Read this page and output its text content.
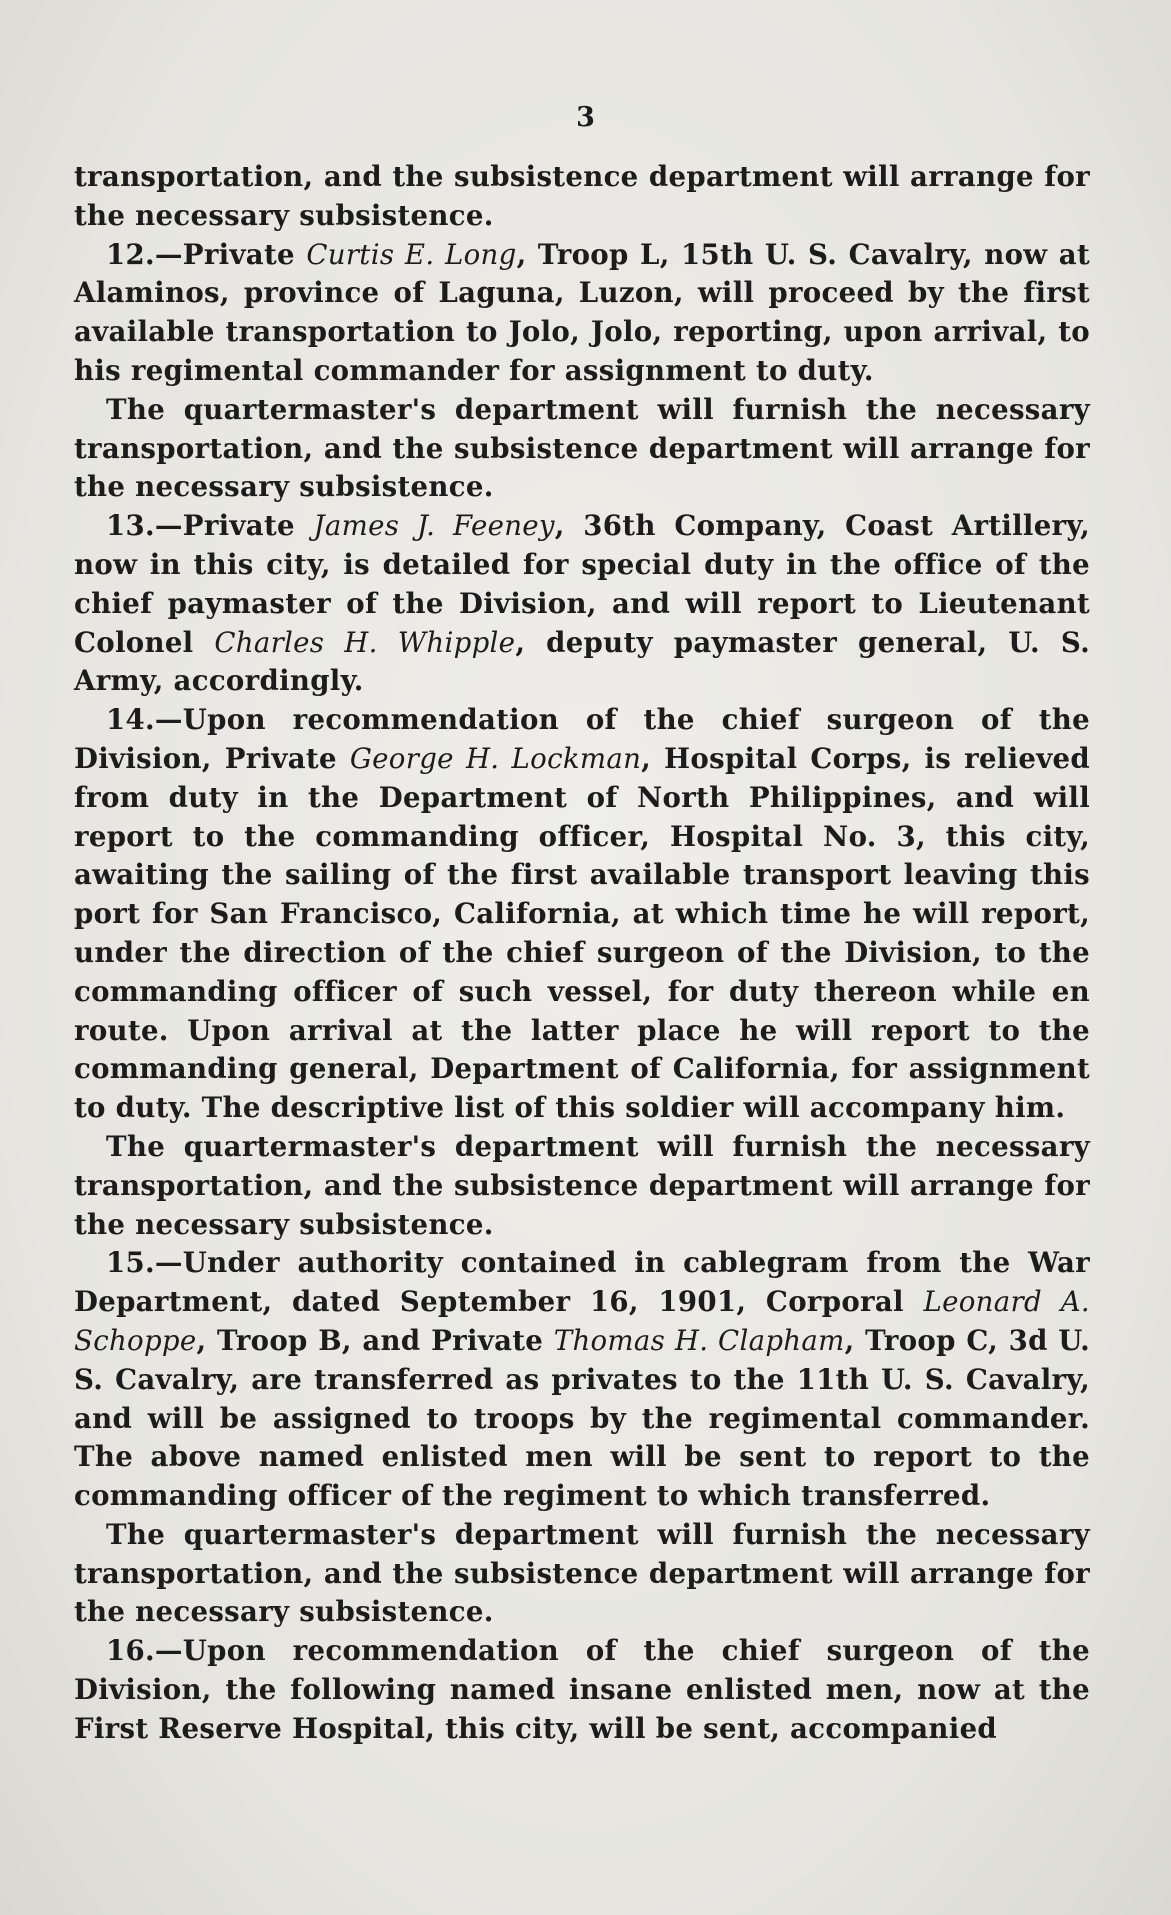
3

transportation, and the subsistence department will arrange for the necessary subsistence.

12.—Private Curtis E. Long, Troop L, 15th U. S. Cavalry, now at Alaminos, province of Laguna, Luzon, will proceed by the first available transportation to Jolo, Jolo, reporting, upon arrival, to his regimental commander for assignment to duty.

The quartermaster's department will furnish the necessary transportation, and the subsistence department will arrange for the necessary subsistence.

13.—Private James J. Feeney, 36th Company, Coast Artillery, now in this city, is detailed for special duty in the office of the chief paymaster of the Division, and will report to Lieutenant Colonel Charles H. Whipple, deputy paymaster general, U. S. Army, accordingly.

14.—Upon recommendation of the chief surgeon of the Division, Private George H. Lockman, Hospital Corps, is relieved from duty in the Department of North Philippines, and will report to the commanding officer, Hospital No. 3, this city, awaiting the sailing of the first available transport leaving this port for San Francisco, California, at which time he will report, under the direction of the chief surgeon of the Division, to the commanding officer of such vessel, for duty thereon while en route. Upon arrival at the latter place he will report to the commanding general, Department of California, for assignment to duty. The descriptive list of this soldier will accompany him.

The quartermaster's department will furnish the necessary transportation, and the subsistence department will arrange for the necessary subsistence.

15.—Under authority contained in cablegram from the War Department, dated September 16, 1901, Corporal Leonard A. Schoppe, Troop B, and Private Thomas H. Clapham, Troop C, 3d U. S. Cavalry, are transferred as privates to the 11th U. S. Cavalry, and will be assigned to troops by the regimental commander. The above named enlisted men will be sent to report to the commanding officer of the regiment to which transferred.

The quartermaster's department will furnish the necessary transportation, and the subsistence department will arrange for the necessary subsistence.

16.—Upon recommendation of the chief surgeon of the Division, the following named insane enlisted men, now at the First Reserve Hospital, this city, will be sent, accompanied
